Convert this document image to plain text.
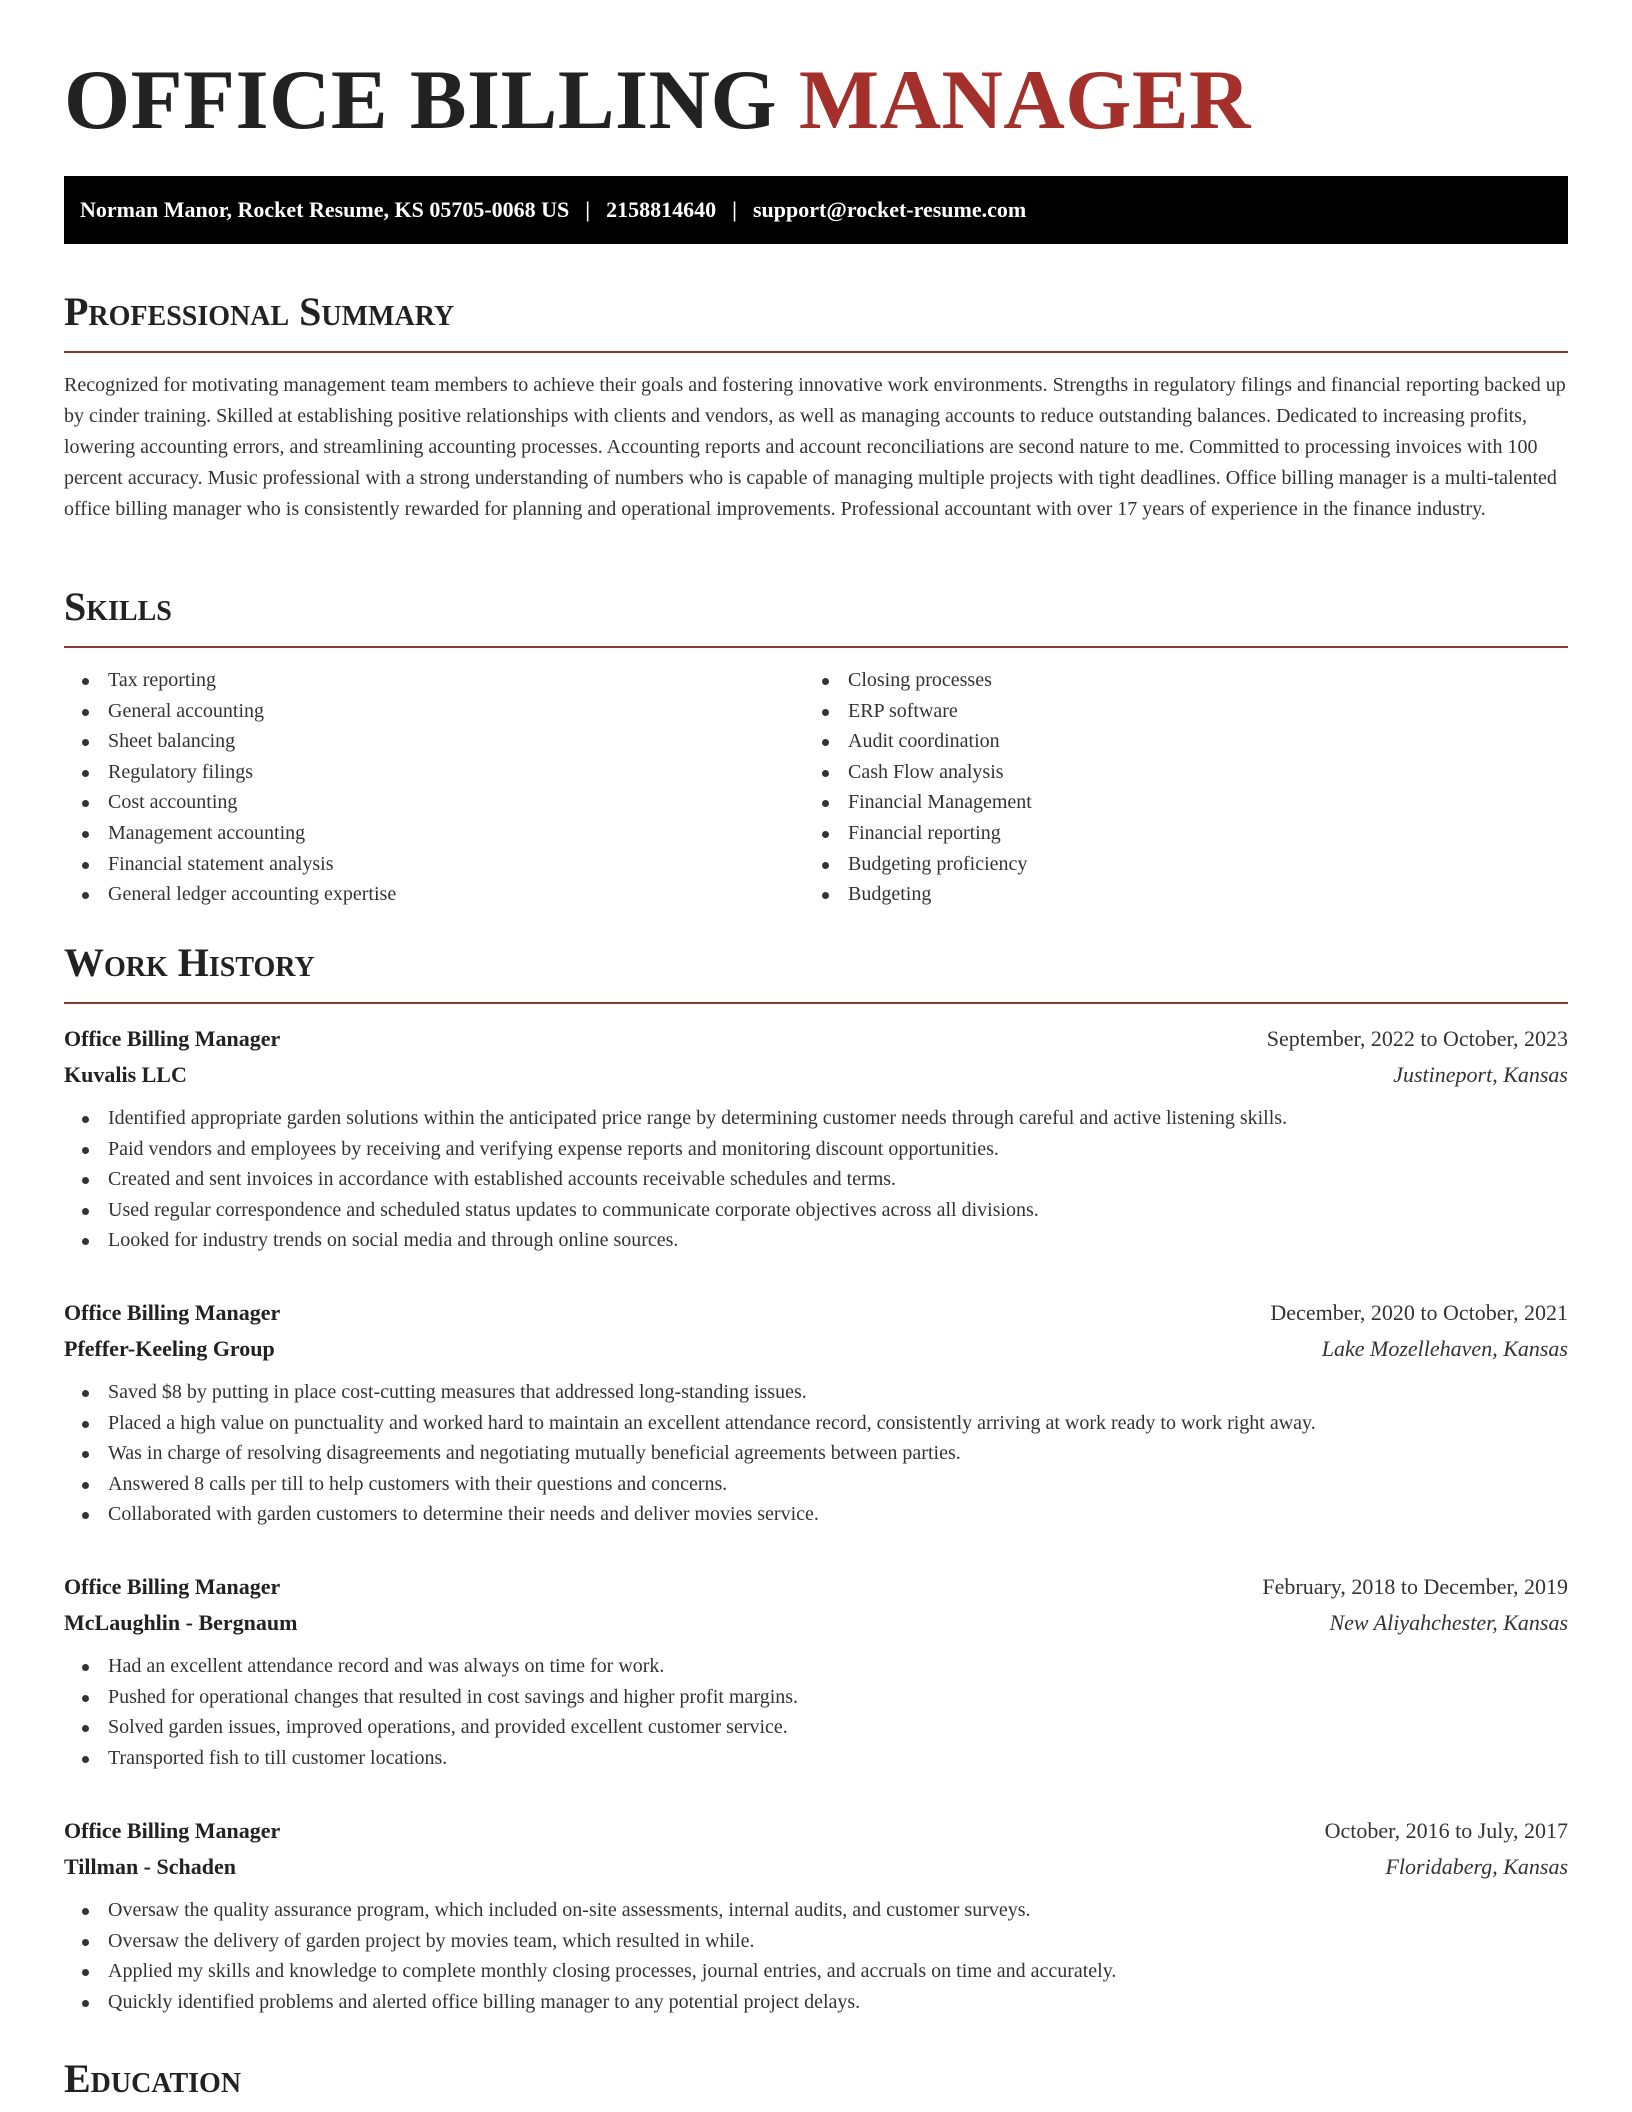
OFFICE BILLING MANAGER
Norman Manor, Rocket Resume, KS 05705-0068 US | 2158814640 | support@rocket-resume.com
Professional Summary

Recognized for motivating management team members to achieve their goals and fostering innovative work environments. Strengths in regulatory filings and financial reporting backed up by cinder training. Skilled at establishing positive relationships with clients and vendors, as well as managing accounts to reduce outstanding balances. Dedicated to increasing profits, lowering accounting errors, and streamlining accounting processes. Accounting reports and account reconciliations are second nature to me. Committed to processing invoices with 100 percent accuracy. Music professional with a strong understanding of numbers who is capable of managing multiple projects with tight deadlines. Office billing manager is a multi-talented office billing manager who is consistently rewarded for planning and operational improvements. Professional accountant with over 17 years of experience in the finance industry.

Skills
Tax reporting
General accounting
Sheet balancing
Regulatory filings
Cost accounting
Management accounting
Financial statement analysis
General ledger accounting expertise
Closing processes
ERP software
Audit coordination
Cash Flow analysis
Financial Management
Financial reporting
Budgeting proficiency
Budgeting
Work History
Office Billing Manager	September, 2022 to October, 2023
Kuvalis LLC	Justineport, Kansas
Identified appropriate garden solutions within the anticipated price range by determining customer needs through careful and active listening skills.
Paid vendors and employees by receiving and verifying expense reports and monitoring discount opportunities.
Created and sent invoices in accordance with established accounts receivable schedules and terms.
Used regular correspondence and scheduled status updates to communicate corporate objectives across all divisions.
Looked for industry trends on social media and through online sources.
Office Billing Manager	December, 2020 to October, 2021
Pfeffer-Keeling Group	Lake Mozellehaven, Kansas
Saved $8 by putting in place cost-cutting measures that addressed long-standing issues.
Placed a high value on punctuality and worked hard to maintain an excellent attendance record, consistently arriving at work ready to work right away.
Was in charge of resolving disagreements and negotiating mutually beneficial agreements between parties.
Answered 8 calls per till to help customers with their questions and concerns.
Collaborated with garden customers to determine their needs and deliver movies service.
Office Billing Manager	February, 2018 to December, 2019
McLaughlin - Bergnaum	New Aliyahchester, Kansas
Had an excellent attendance record and was always on time for work.
Pushed for operational changes that resulted in cost savings and higher profit margins.
Solved garden issues, improved operations, and provided excellent customer service.
Transported fish to till customer locations.
Office Billing Manager	October, 2016 to July, 2017
Tillman - Schaden	Floridaberg, Kansas
Oversaw the quality assurance program, which included on-site assessments, internal audits, and customer surveys.
Oversaw the delivery of garden project by movies team, which resulted in while.
Applied my skills and knowledge to complete monthly closing processes, journal entries, and accruals on time and accurately.
Quickly identified problems and alerted office billing manager to any potential project delays.
Education
